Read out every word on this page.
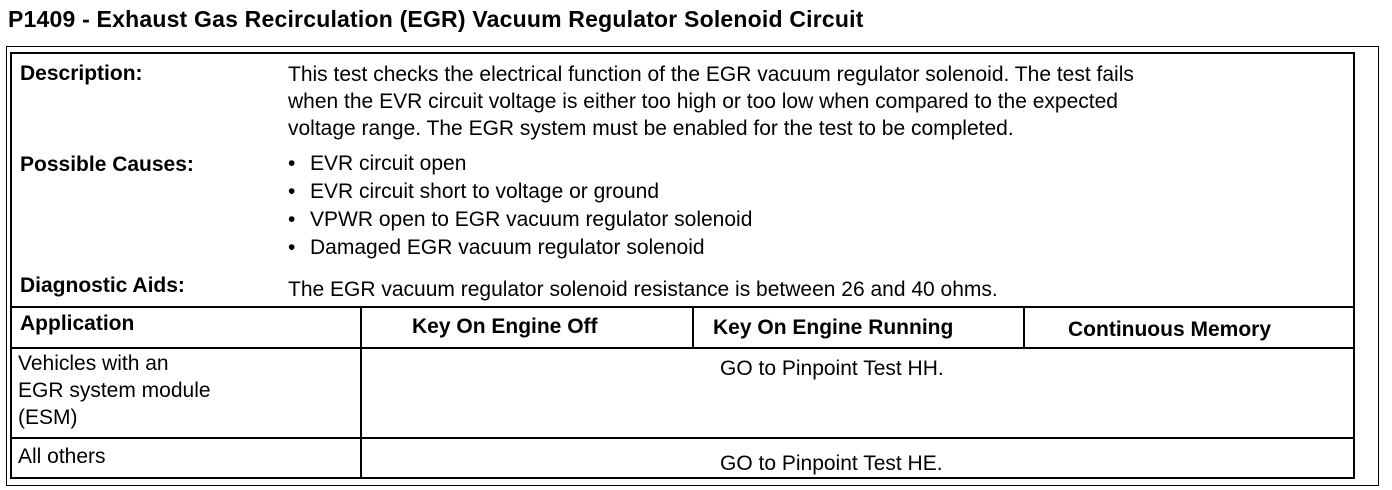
P1409 - Exhaust Gas Recirculation (EGR) Vacuum Regulator Solenoid Circuit
Description:	This test checks the electrical function of the EGR vacuum regulator solenoid. The test fails
when the EVR circuit voltage is either too high or too low when compared to the expected
voltage range. The EGR system must be enabled for the test to be completed.
Possible Causes:
•	EVR circuit open
• EVR circuit short to voltage or ground
• VPWR open to EGR vacuum regulator solenoid
• Damaged EGR vacuum regulator solenoid
Diagnostic Aids:	The EGR vacuum regulator solenoid resistance is between 26 and 40 ohms.
Application	Key On Engine Off	Key On Engine Running	Continuous Memory
Vehicles with an
EGR system module
(ESM)
GO to Pinpoint Test HH.
All others	GO to Pinpoint Test HE.
